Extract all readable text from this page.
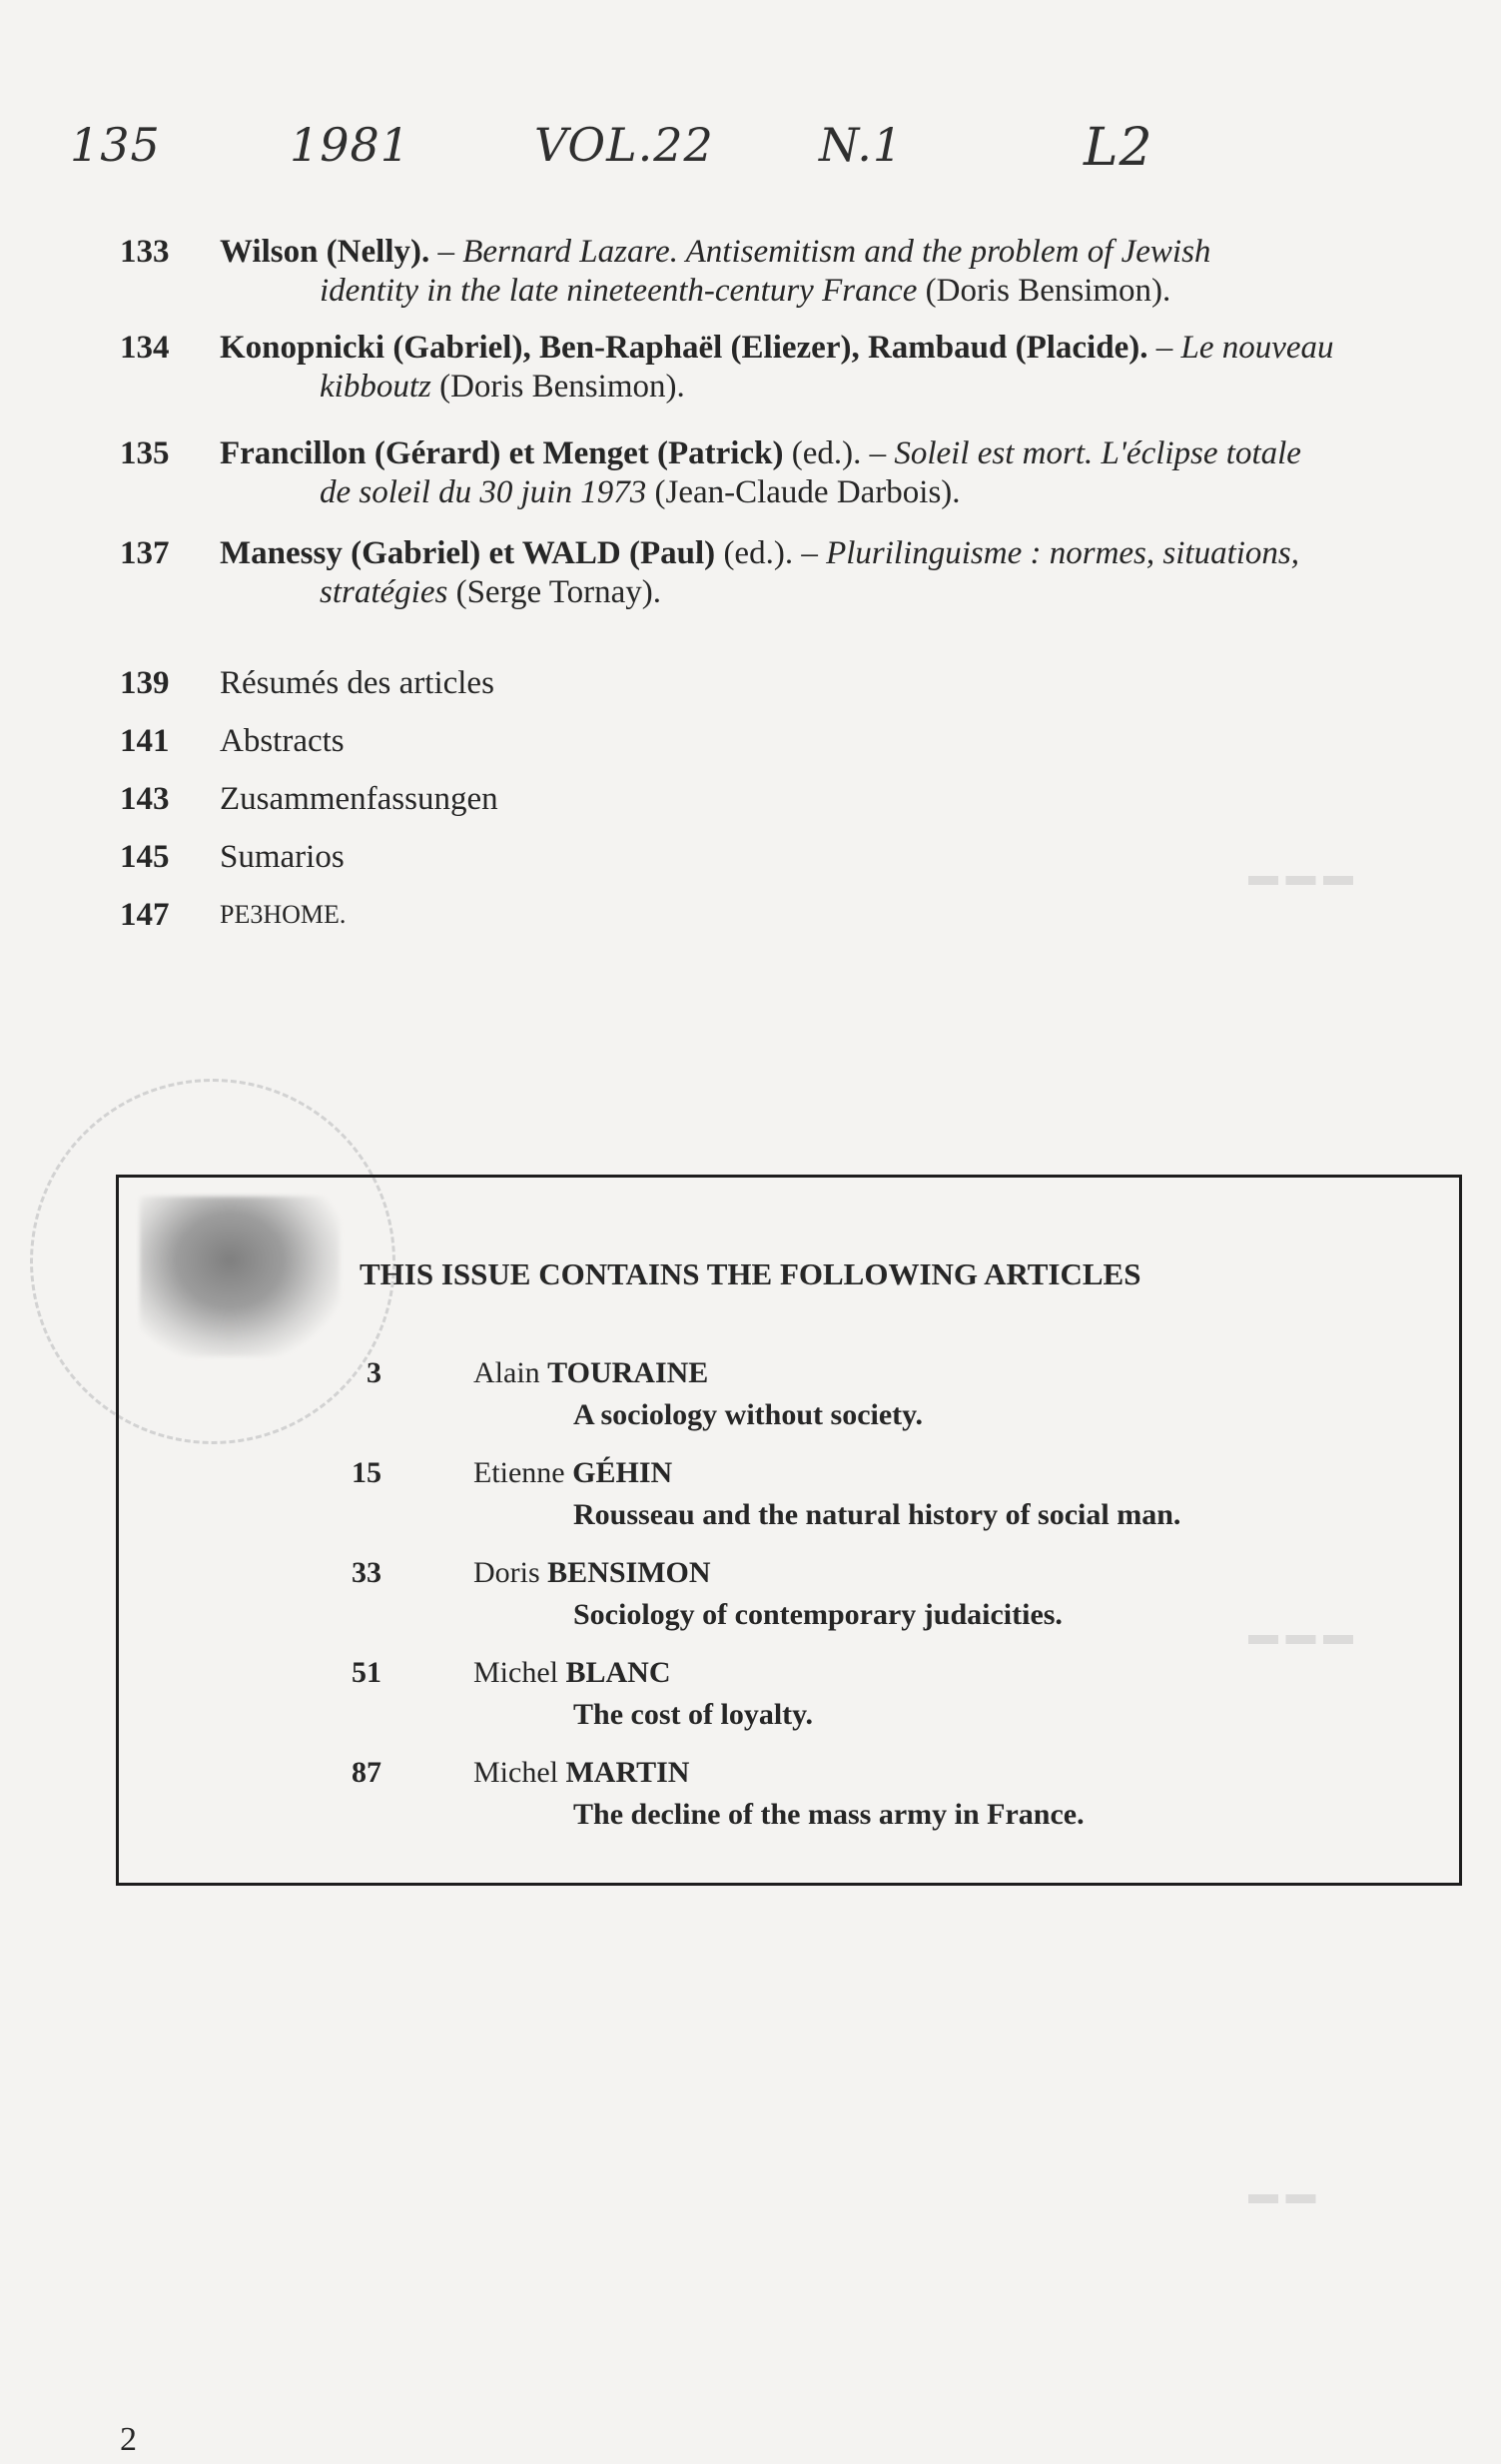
▬ ▬ ▬
▬ ▬ ▬
▬ ▬
135	1981	VOL.22 N.1	L2
133 Wilson (Nelly). – Bernard Lazare. Antisemitism and the problem of Jewish
identity in the late nineteenth-century France (Doris Bensimon).
134 Konopnicki (Gabriel), Ben-Raphaël (Eliezer), Rambaud (Placide). – Le nouveau
kibboutz (Doris Bensimon).
135 Francillon (Gérard) et Menget (Patrick) (ed.). – Soleil est mort. L'éclipse totale
de soleil du 30 juin 1973 (Jean-Claude Darbois).
137 Manessy (Gabriel) et WALD (Paul) (ed.). – Plurilinguisme : normes, situations,
stratégies (Serge Tornay).
139 Résumés des articles
141 Abstracts
143 Zusammenfassungen
145 Sumarios
147 PE3HOME.
THIS ISSUE CONTAINS THE FOLLOWING ARTICLES
3	Alain TOURAINE
A sociology without society.
15	Etienne GÉHIN
Rousseau and the natural history of social man.
33	Doris BENSIMON
Sociology of contemporary judaicities.
51	Michel BLANC
The cost of loyalty.
87	Michel MARTIN
The decline of the mass army in France.
2
